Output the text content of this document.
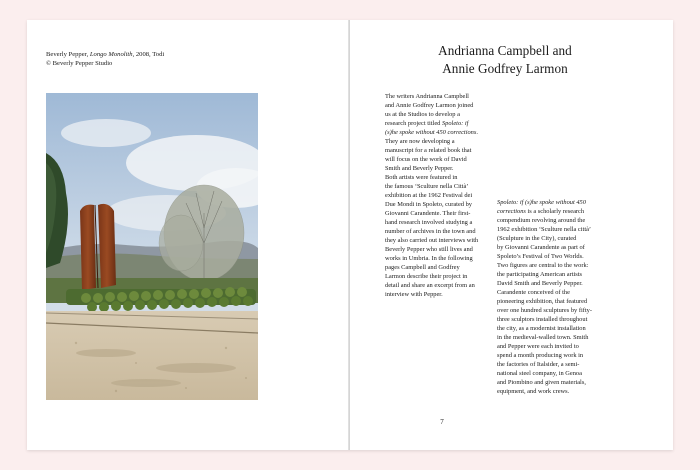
Beverly Pepper, Longo Monolith, 2008, Todi
© Beverly Pepper Studio
Andrianna Campbell and
Annie Godfrey Larmon

The writers Andrianna Campbell

and Annie Godfrey Larmon joined

us at the Studios to develop a

research project titled Spoleto: if

(s)he spoke without 450 corrections.

They are now developing a

manuscript for a related book that

will focus on the work of David

Smith and Beverly Pepper.

Both artists were featured in

the famous ‘Sculture nella Città’

exhibition at the 1962 Festival dei

Due Mondi in Spoleto, curated by

Giovanni Carandente. Their first-

hand research involved studying a

number of archives in the town and

they also carried out interviews with

Beverly Pepper who still lives and

works in Umbria. In the following

pages Campbell and Godfrey

Larmon describe their project in

detail and share an excerpt from an

interview with Pepper.

Spoleto: if (s)he spoke without 450

corrections is a scholarly research

compendium revolving around the

1962 exhibition ‘Sculture nella città’

(Sculpture in the City), curated

by Giovanni Carandente as part of

Spoleto’s Festival of Two Worlds.

Two figures are central to the work:

the participating American artists

David Smith and Beverly Pepper.

Carandente conceived of the

pioneering exhibition, that featured

over one hundred sculptures by fifty-

three sculptors installed throughout

the city, as a modernist installation

in the medieval-walled town. Smith

and Pepper were each invited to

spend a month producing work in

the factories of Italsider, a semi-

national steel company, in Genoa

and Piombino and given materials,

equipment, and work crews.

7
